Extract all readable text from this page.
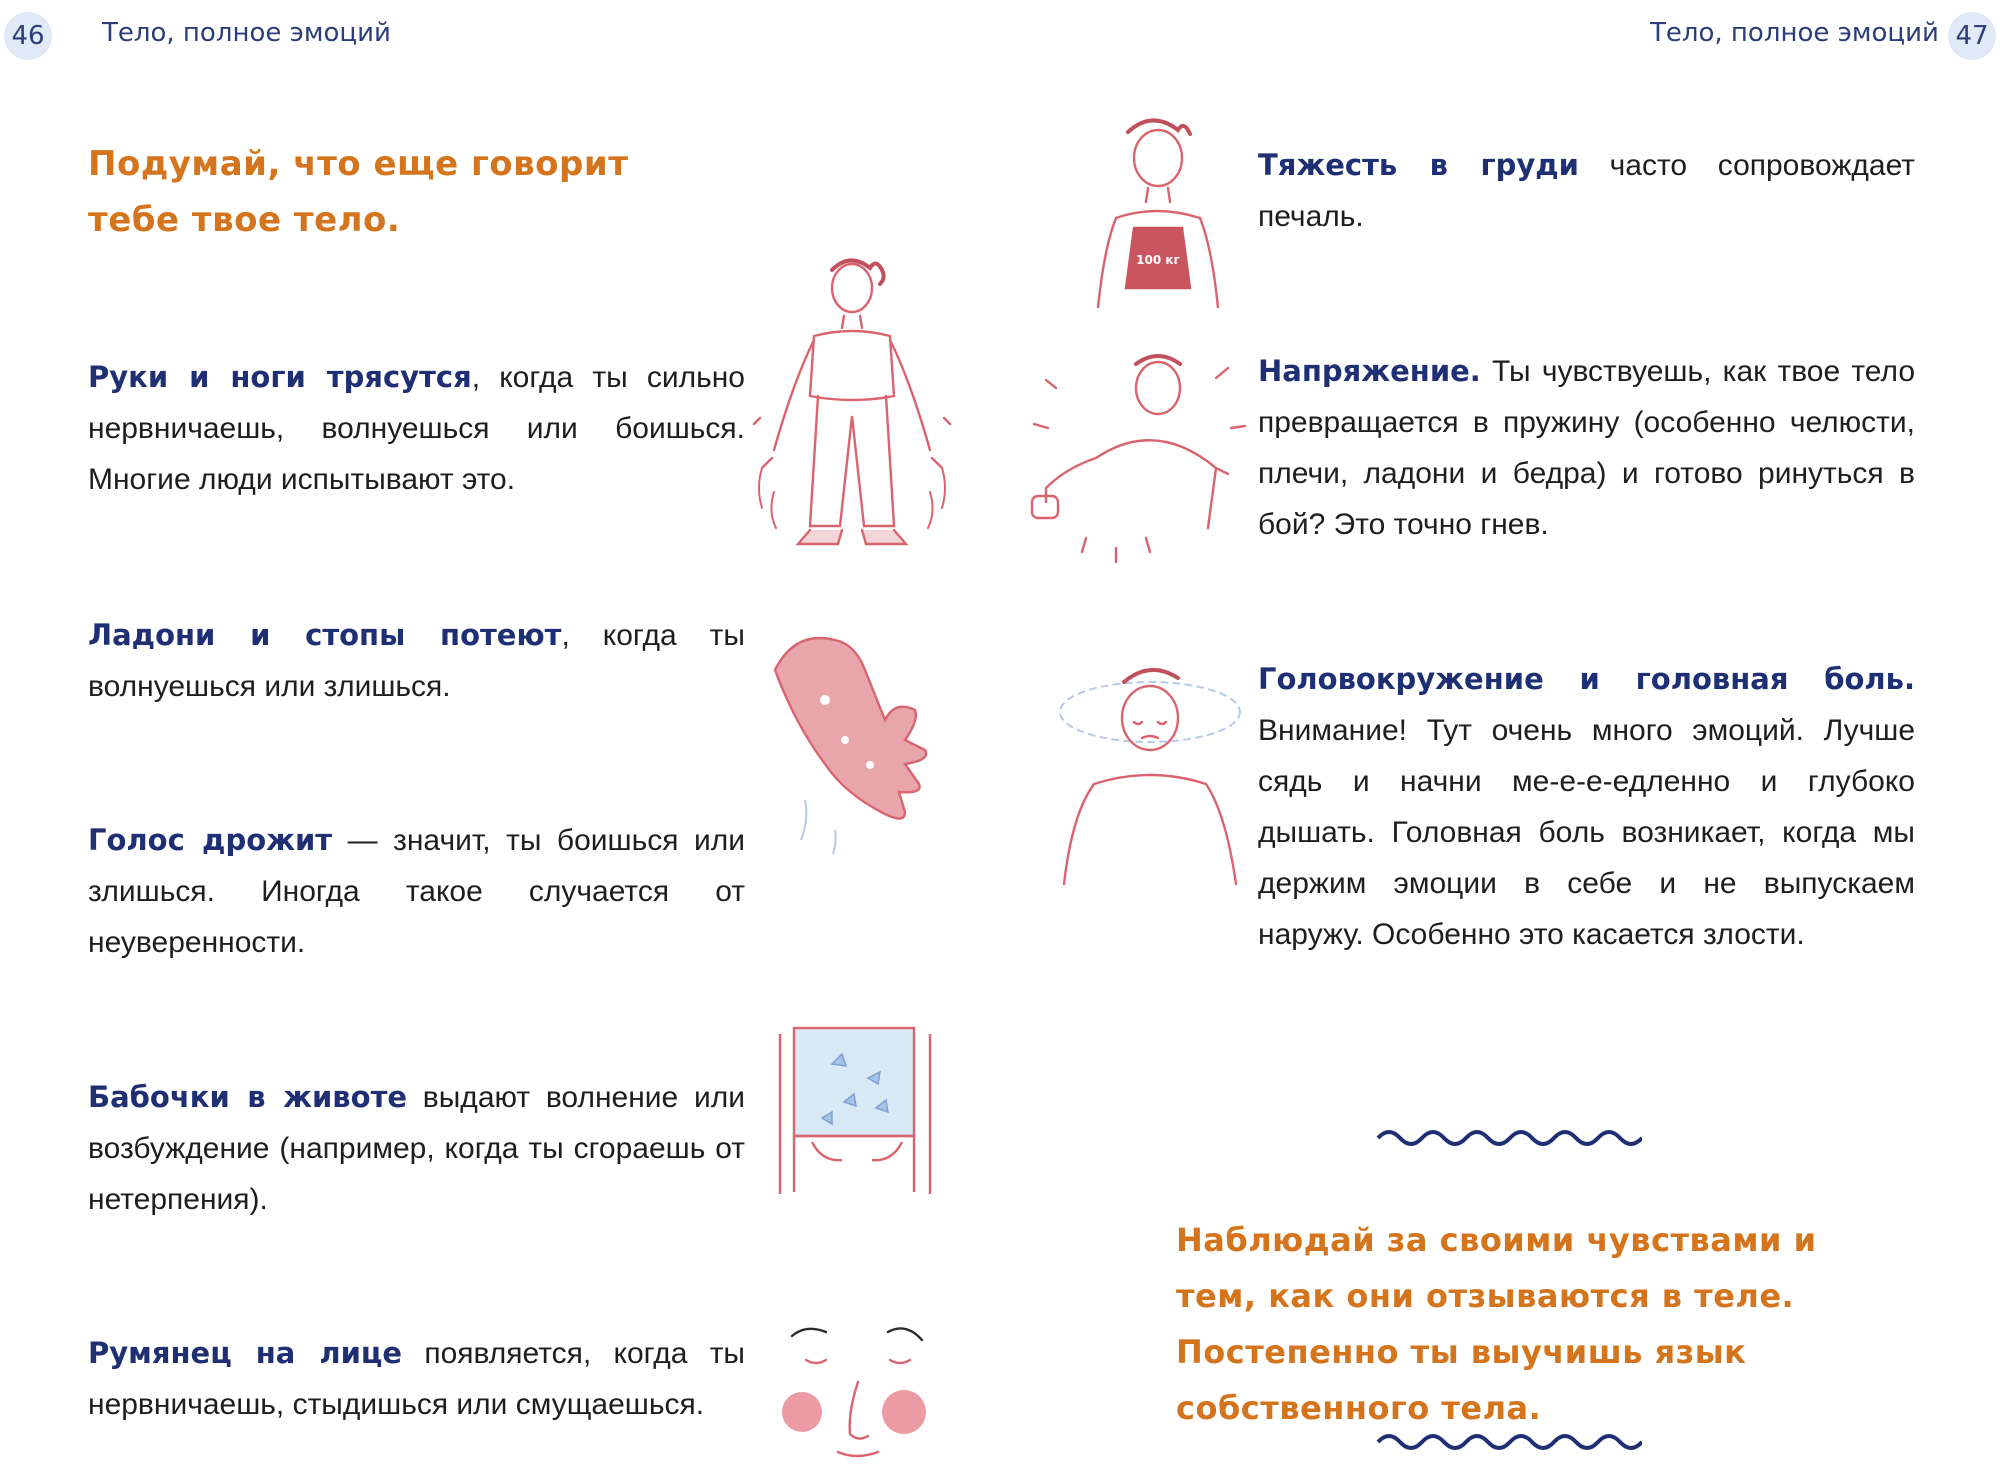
46 Тело, полное эмоций	Тело, полное эмоций 47
Подумай, что еще говорит тебе твое тело.
Руки и ноги трясутся, когда ты сильно нервничаешь, волнуешься или боишься. Многие люди испытывают это.
Ладони и стопы потеют, когда ты волнуешься или злишься.
Голос дрожит — значит, ты боишься или злишься. Иногда такое случается от неуверенности.
Бабочки в животе выдают волнение или возбуждение (например, когда ты сгораешь от нетерпения).
Румянец на лице появляется, когда ты нервничаешь, стыдишься или смущаешься.
100 кг
Тяжесть в груди часто сопровождает печаль.
Напряжение. Ты чувствуешь, как твое тело превращается в пружину (особенно челюсти, плечи, ладони и бедра) и готово ринуться в бой? Это точно гнев.
Головокружение и головная боль. Внимание! Тут очень много эмоций. Лучше сядь и начни ме-е-е-едленно и глубоко дышать. Головная боль возникает, когда мы держим эмоции в себе и не выпускаем наружу. Особенно это касается злости.
Наблюдай за своими чувствами и тем, как они отзываются в теле. Постепенно ты выучишь язык собственного тела.
